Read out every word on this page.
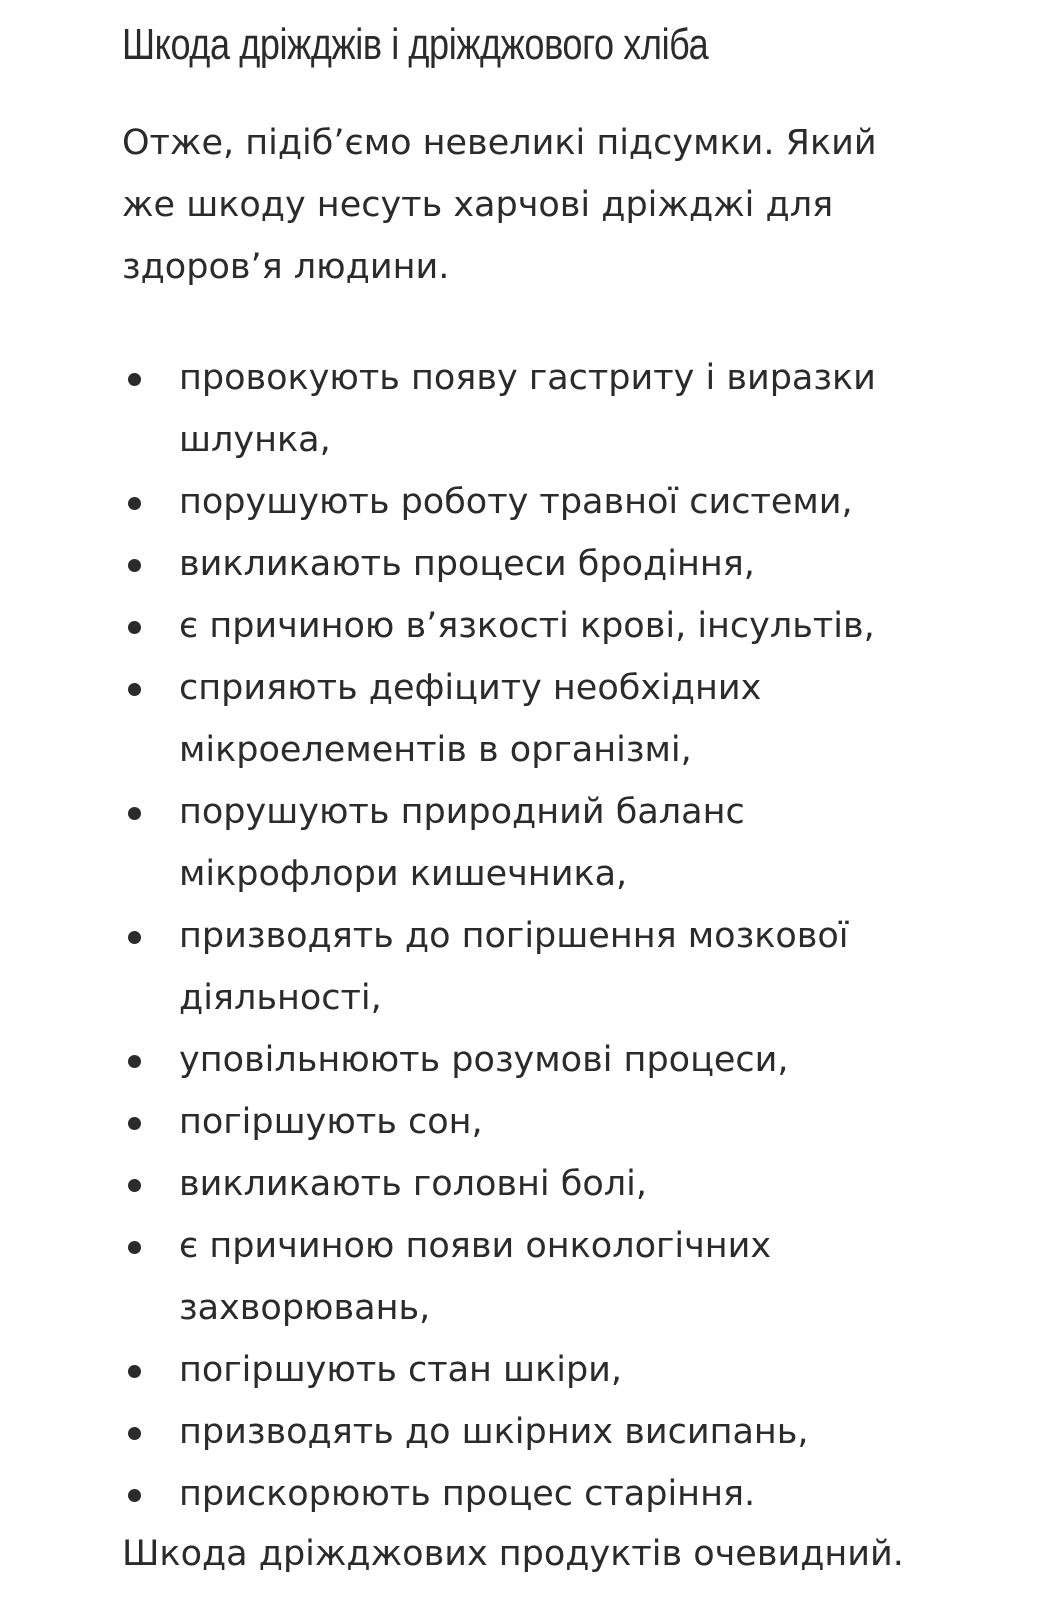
Шкода дріжджів і дріжджового хліба

Отже, підіб’ємо невеликі підсумки. Який же шкоду несуть харчові дріжджі для здоров’я людини.

провокують появу гастриту і виразки шлунка,
порушують роботу травної системи,
викликають процеси бродіння,
є причиною в’язкості крові, інсультів,
сприяють дефіциту необхідних мікроелементів в організмі,
порушують природний баланс мікрофлори кишечника,
призводять до погіршення мозкової діяльності,
уповільнюють розумові процеси,
погіршують сон,
викликають головні болі,
є причиною появи онкологічних захворювань,
погіршують стан шкіри,
призводять до шкірних висипань,
прискорюють процес старіння.

Шкода дріжджових продуктів очевидний.
